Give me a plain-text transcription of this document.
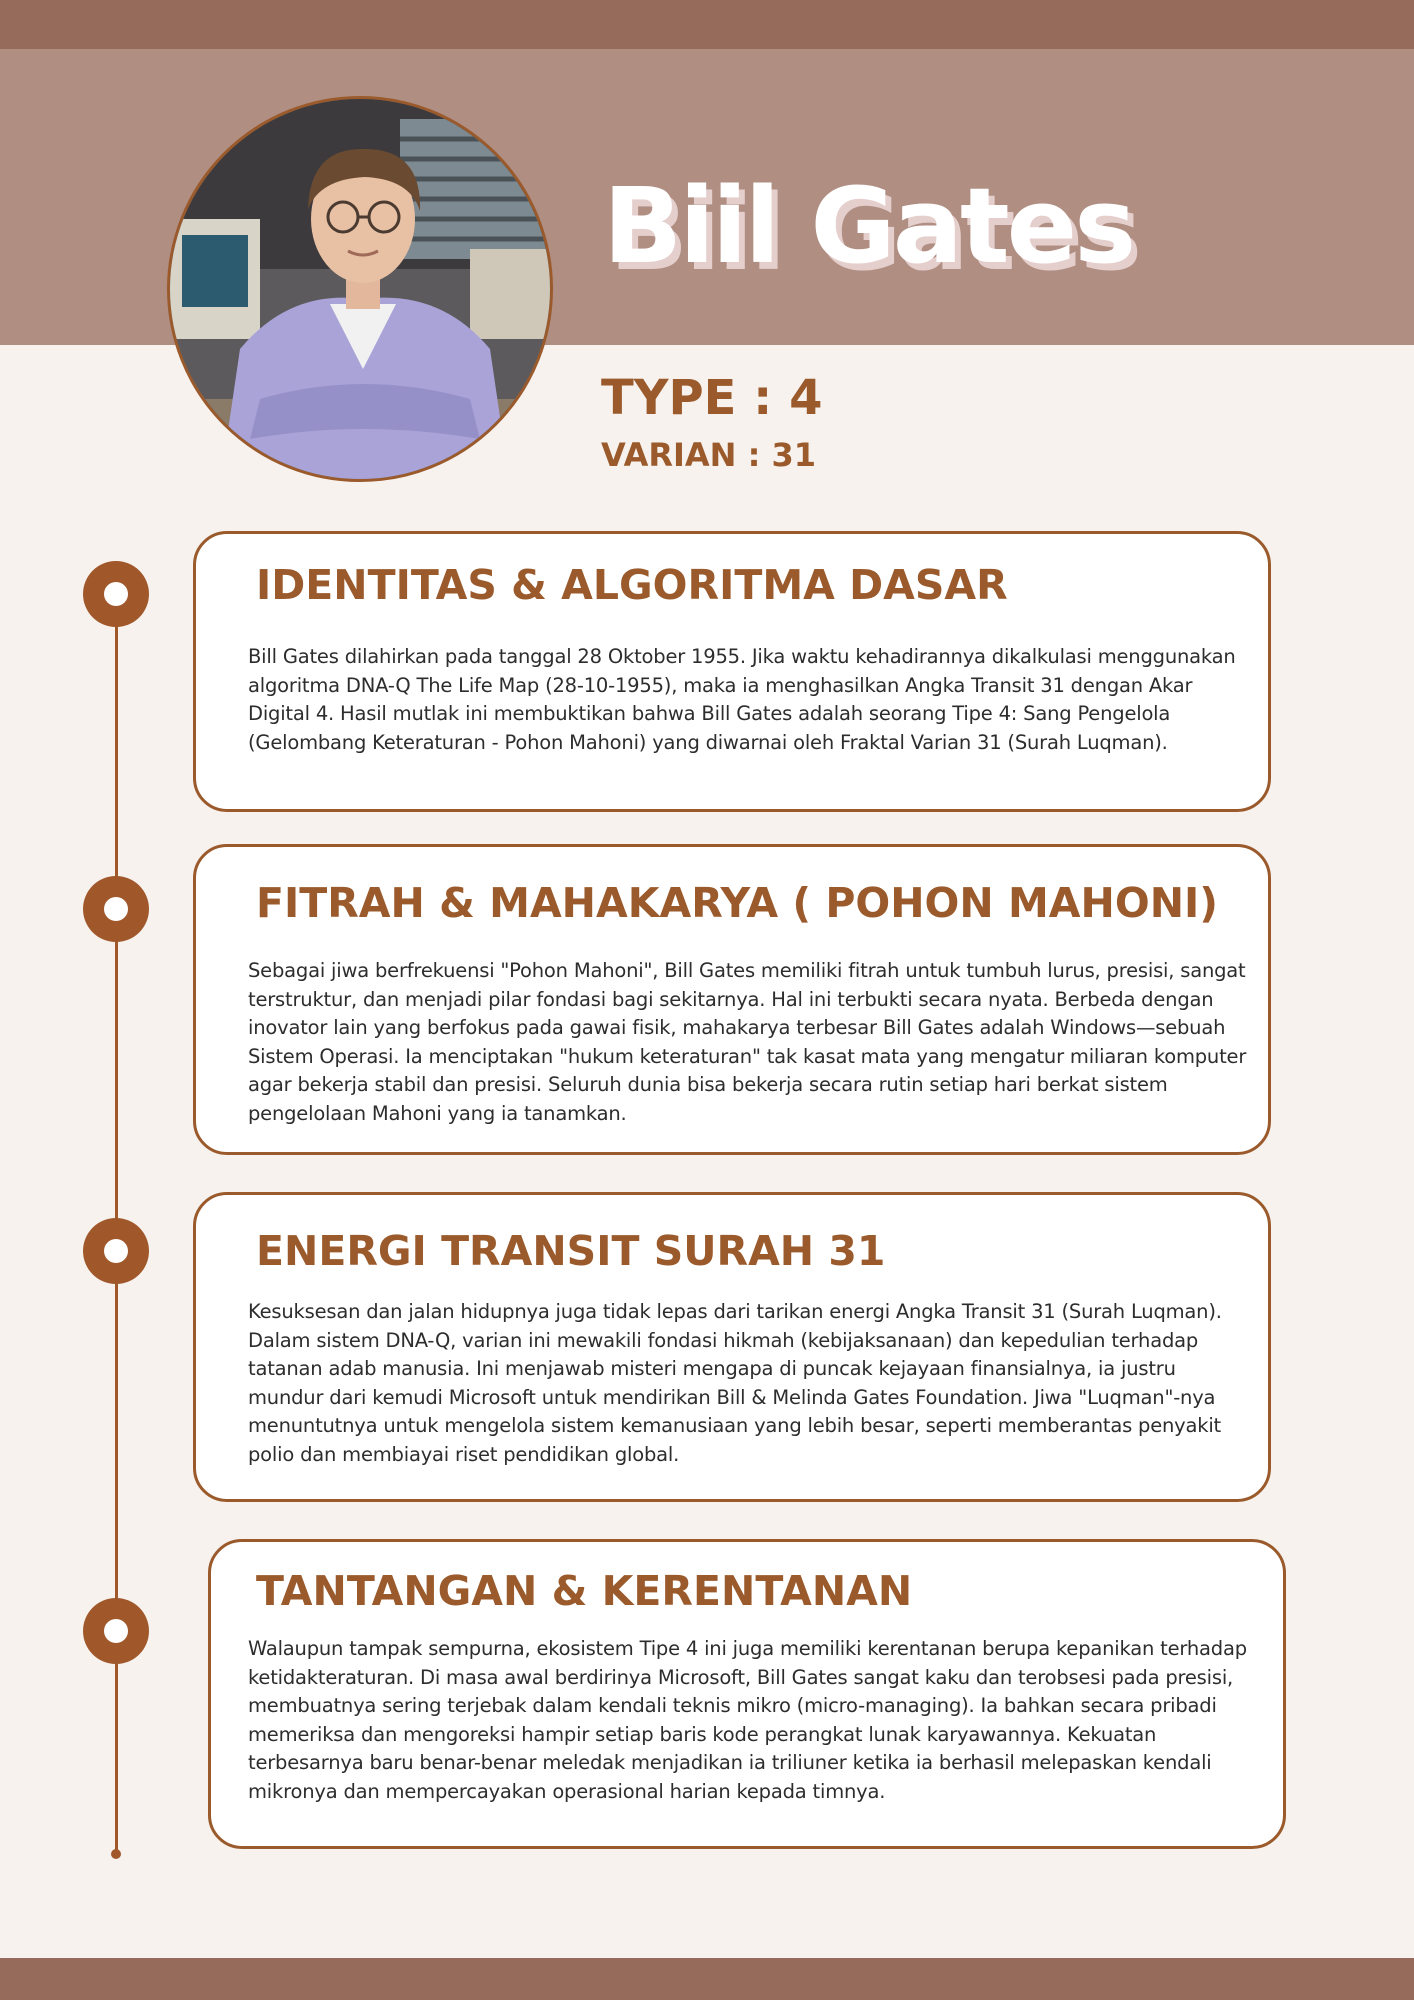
Biil Gates
TYPE : 4
VARIAN : 31
IDENTITAS & ALGORITMA DASAR
Bill Gates dilahirkan pada tanggal 28 Oktober 1955. Jika waktu kehadirannya dikalkulasi menggunakan algoritma DNA-Q The Life Map (28-10-1955), maka ia menghasilkan Angka Transit 31 dengan Akar Digital 4. Hasil mutlak ini membuktikan bahwa Bill Gates adalah seorang Tipe 4: Sang Pengelola (Gelombang Keteraturan - Pohon Mahoni) yang diwarnai oleh Fraktal Varian 31 (Surah Luqman).
FITRAH & MAHAKARYA ( POHON MAHONI)
Sebagai jiwa berfrekuensi "Pohon Mahoni", Bill Gates memiliki fitrah untuk tumbuh lurus, presisi, sangat terstruktur, dan menjadi pilar fondasi bagi sekitarnya. Hal ini terbukti secara nyata. Berbeda dengan inovator lain yang berfokus pada gawai fisik, mahakarya terbesar Bill Gates adalah Windows—sebuah Sistem Operasi. Ia menciptakan "hukum keteraturan" tak kasat mata yang mengatur miliaran komputer agar bekerja stabil dan presisi. Seluruh dunia bisa bekerja secara rutin setiap hari berkat sistem pengelolaan Mahoni yang ia tanamkan.
ENERGI TRANSIT SURAH 31
Kesuksesan dan jalan hidupnya juga tidak lepas dari tarikan energi Angka Transit 31 (Surah Luqman). Dalam sistem DNA-Q, varian ini mewakili fondasi hikmah (kebijaksanaan) dan kepedulian terhadap tatanan adab manusia. Ini menjawab misteri mengapa di puncak kejayaan finansialnya, ia justru mundur dari kemudi Microsoft untuk mendirikan Bill & Melinda Gates Foundation. Jiwa "Luqman"-nya menuntutnya untuk mengelola sistem kemanusiaan yang lebih besar, seperti memberantas penyakit polio dan membiayai riset pendidikan global.
TANTANGAN & KERENTANAN
Walaupun tampak sempurna, ekosistem Tipe 4 ini juga memiliki kerentanan berupa kepanikan terhadap ketidakteraturan. Di masa awal berdirinya Microsoft, Bill Gates sangat kaku dan terobsesi pada presisi, membuatnya sering terjebak dalam kendali teknis mikro (micro-managing). Ia bahkan secara pribadi memeriksa dan mengoreksi hampir setiap baris kode perangkat lunak karyawannya. Kekuatan terbesarnya baru benar-benar meledak menjadikan ia triliuner ketika ia berhasil melepaskan kendali mikronya dan mempercayakan operasional harian kepada timnya.
